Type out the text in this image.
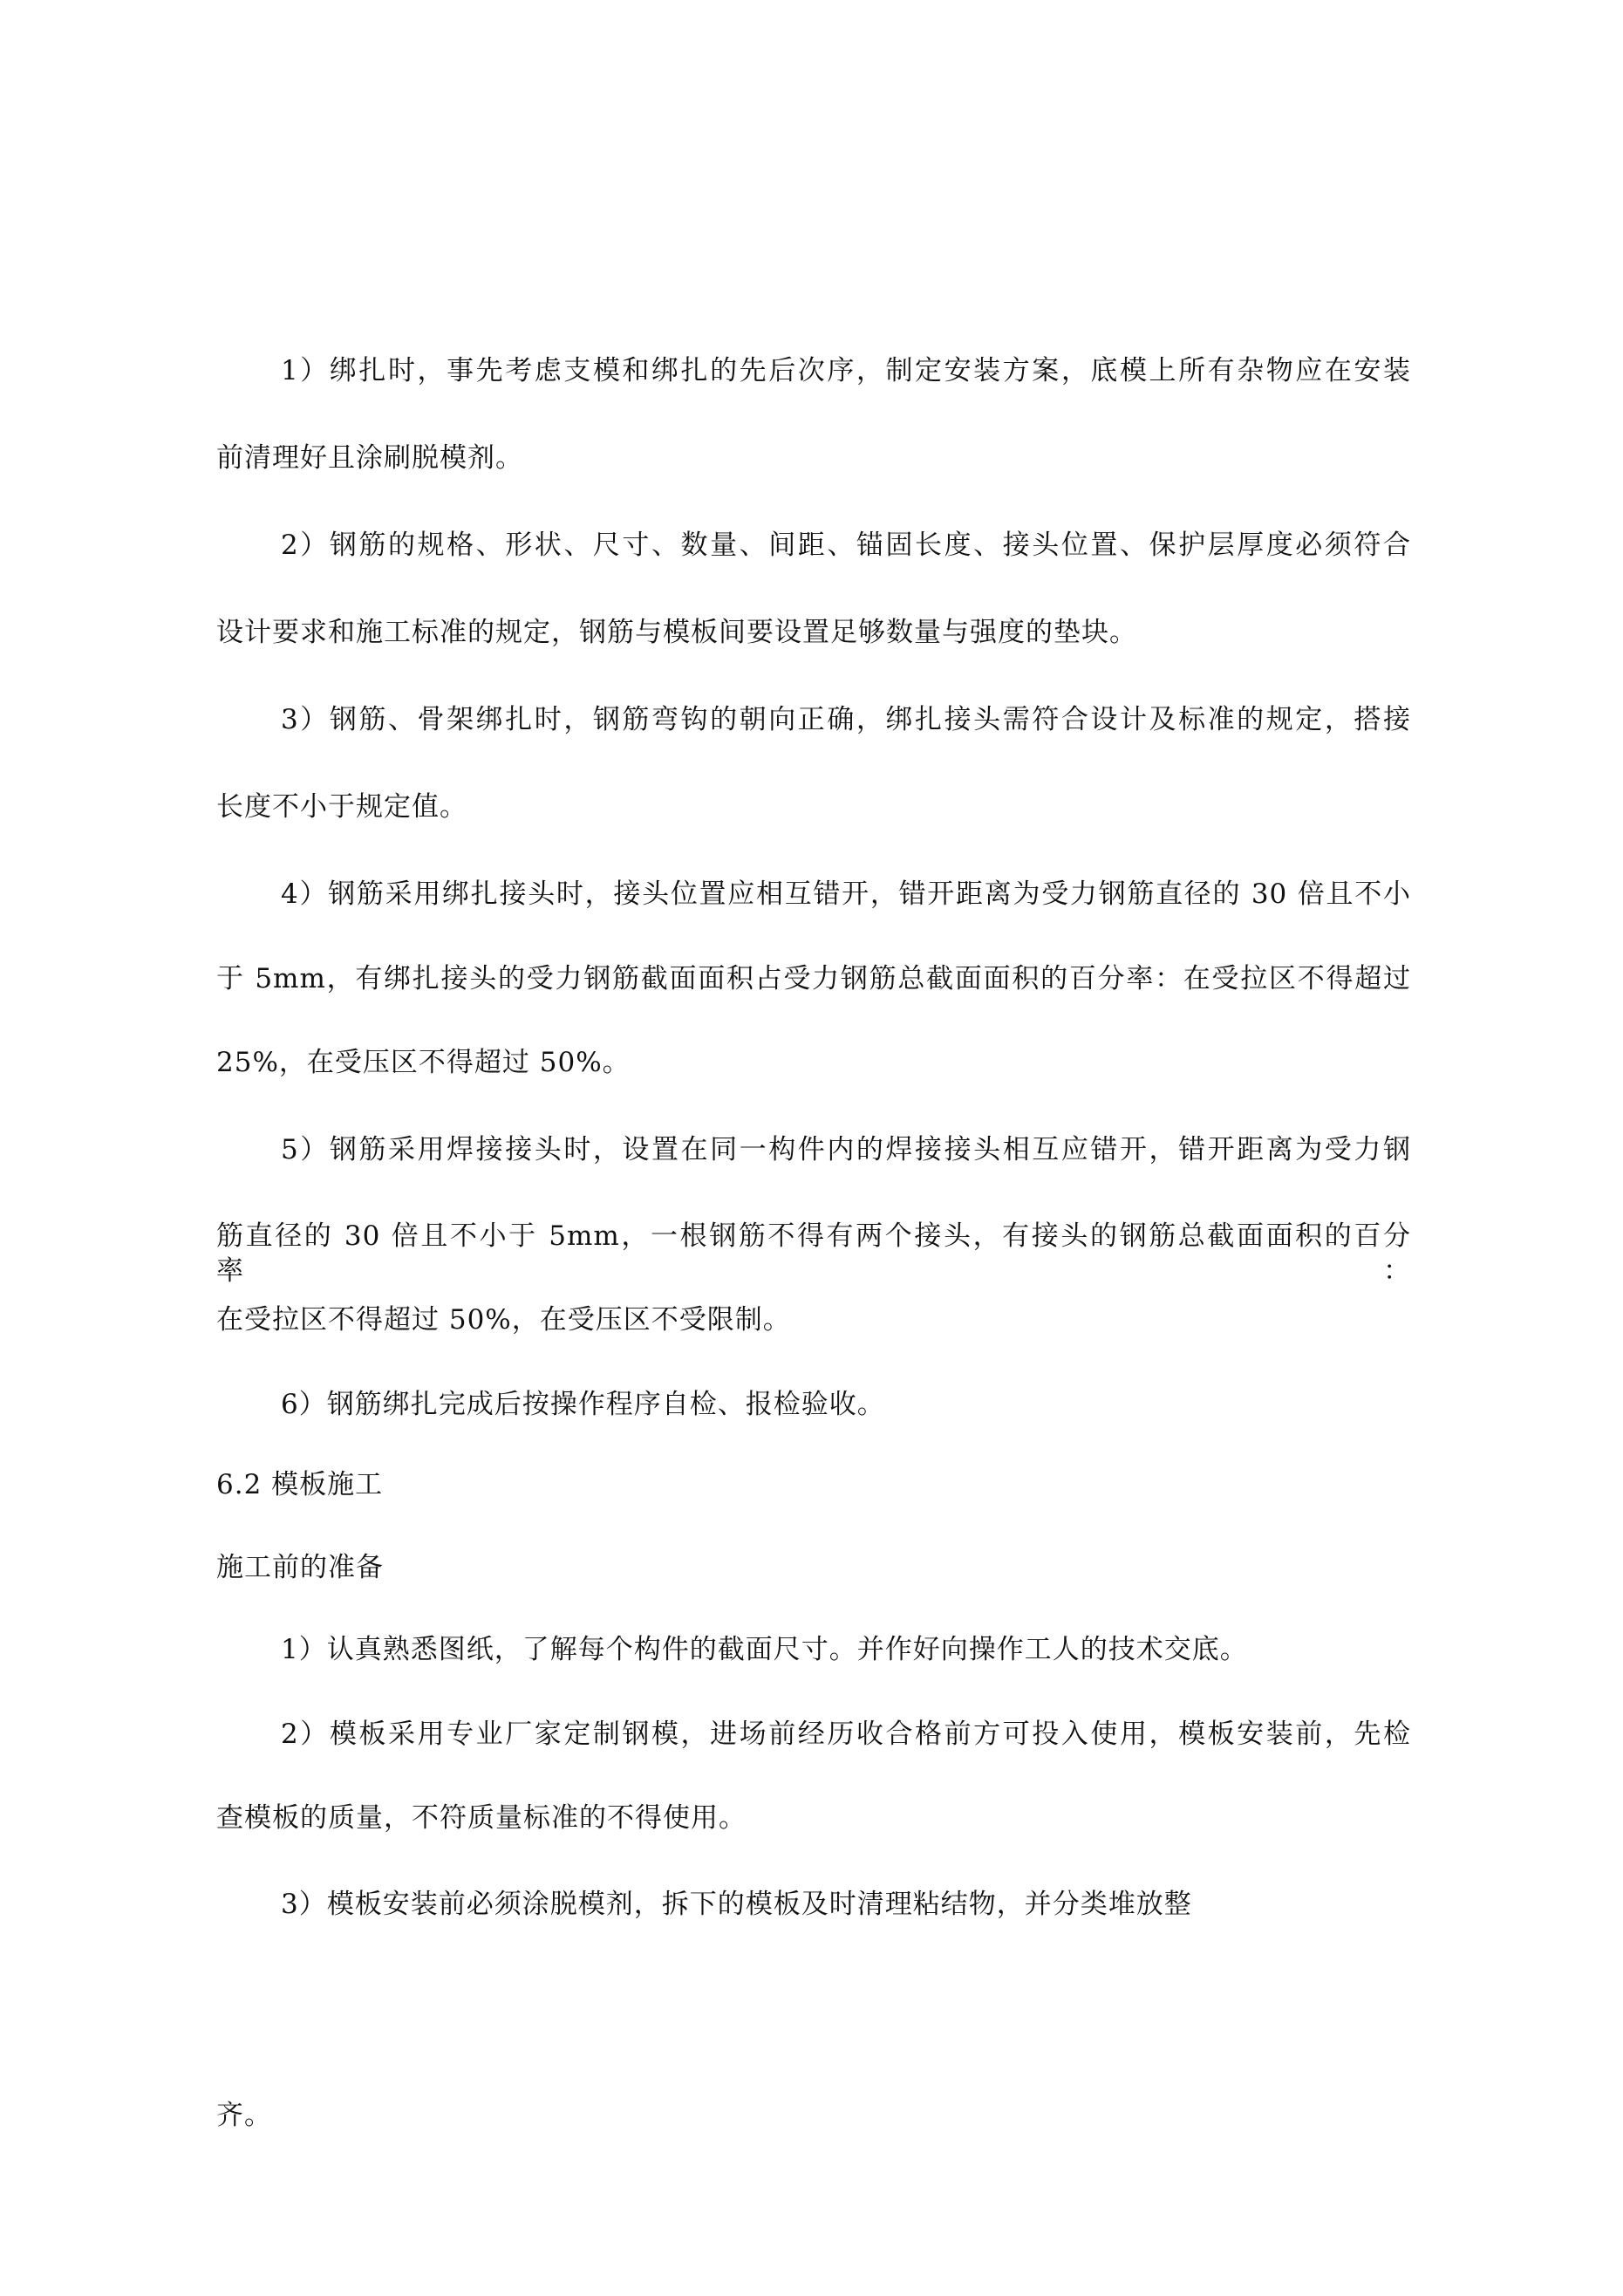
1）绑扎时，事先考虑支模和绑扎的先后次序，制定安装方案，底模上所有杂物应在安装
前清理好且涂刷脱模剂。
2）钢筋的规格、形状、尺寸、数量、间距、锚固长度、接头位置、保护层厚度必须符合
设计要求和施工标准的规定，钢筋与模板间要设置足够数量与强度的垫块。
3）钢筋、骨架绑扎时，钢筋弯钩的朝向正确，绑扎接头需符合设计及标准的规定，搭接
长度不小于规定值。
4）钢筋采用绑扎接头时，接头位置应相互错开，错开距离为受力钢筋直径的 30 倍且不小
于 5mm，有绑扎接头的受力钢筋截面面积占受力钢筋总截面面积的百分率：在受拉区不得超过
25%，在受压区不得超过 50%。
5）钢筋采用焊接接头时，设置在同一构件内的焊接接头相互应错开，错开距离为受力钢
筋直径的 30 倍且不小于 5mm，一根钢筋不得有两个接头，有接头的钢筋总截面面积的百分率：
在受拉区不得超过 50%，在受压区不受限制。
6）钢筋绑扎完成后按操作程序自检、报检验收。
6.2 模板施工
施工前的准备
1）认真熟悉图纸，了解每个构件的截面尺寸。并作好向操作工人的技术交底。
2）模板采用专业厂家定制钢模，进场前经历收合格前方可投入使用，模板安装前，先检
查模板的质量，不符质量标准的不得使用。
3）模板安装前必须涂脱模剂，拆下的模板及时清理粘结物，并分类堆放整
齐。
